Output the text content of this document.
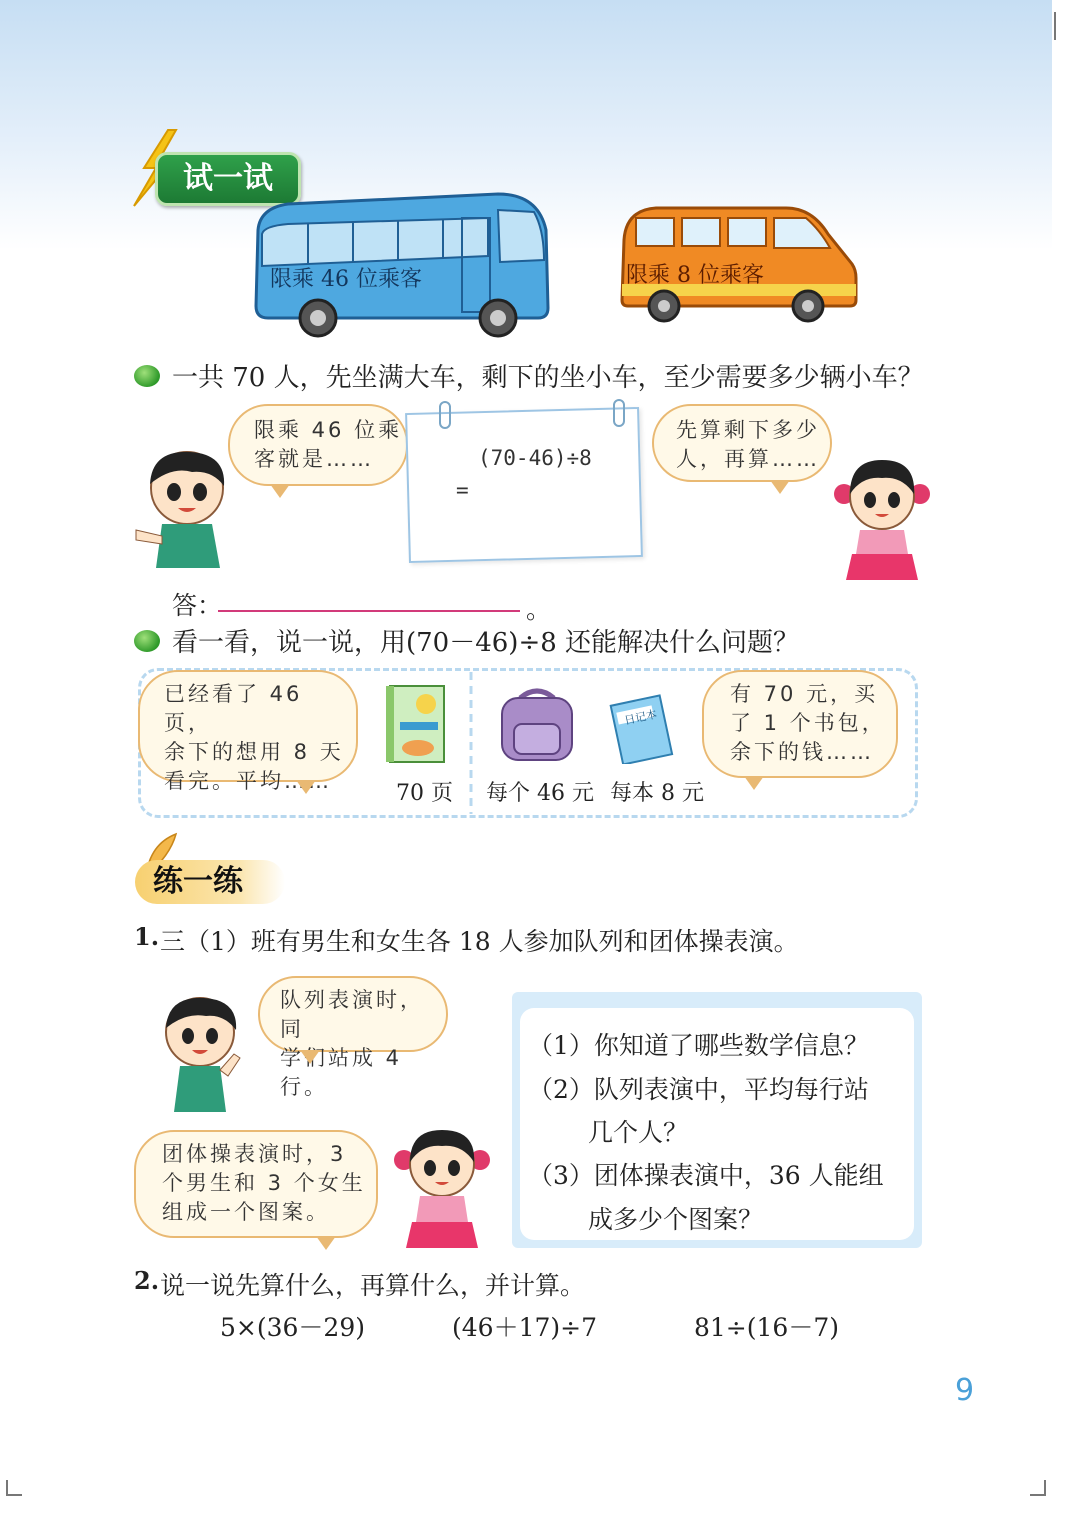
试一试
限乘 46 位乘客	限乘 8 位乘客
一共 70 人，先坐满大车，剩下的坐小车，至少需要多少辆小车？
限乘 46 位乘
客就是……	(70-46)÷8
=
先算剩下多少
人，再算……
答：	。
看一看，说一说，用(70－46)÷8 还能解决什么问题？
已经看了 46 页，
余下的想用 8 天
看完。平均……	70 页 每个 46 元
日记本
每本 8 元
有 70 元，买
了 1 个书包，
余下的钱……
练一练
1. 三（1）班有男生和女生各 18 人参加队列和团体操表演。
队列表演时，同
学们站成 4 行。
团体操表演时，3
个男生和 3 个女生
组成一个图案。
（1）你知道了哪些数学信息？
（2）队列表演中，平均每行站
几个人？
（3）团体操表演中，36 人能组
成多少个图案？
2. 说一说先算什么，再算什么，并计算。
5×(36－29)	(46＋17)÷7	81÷(16－7)
9
